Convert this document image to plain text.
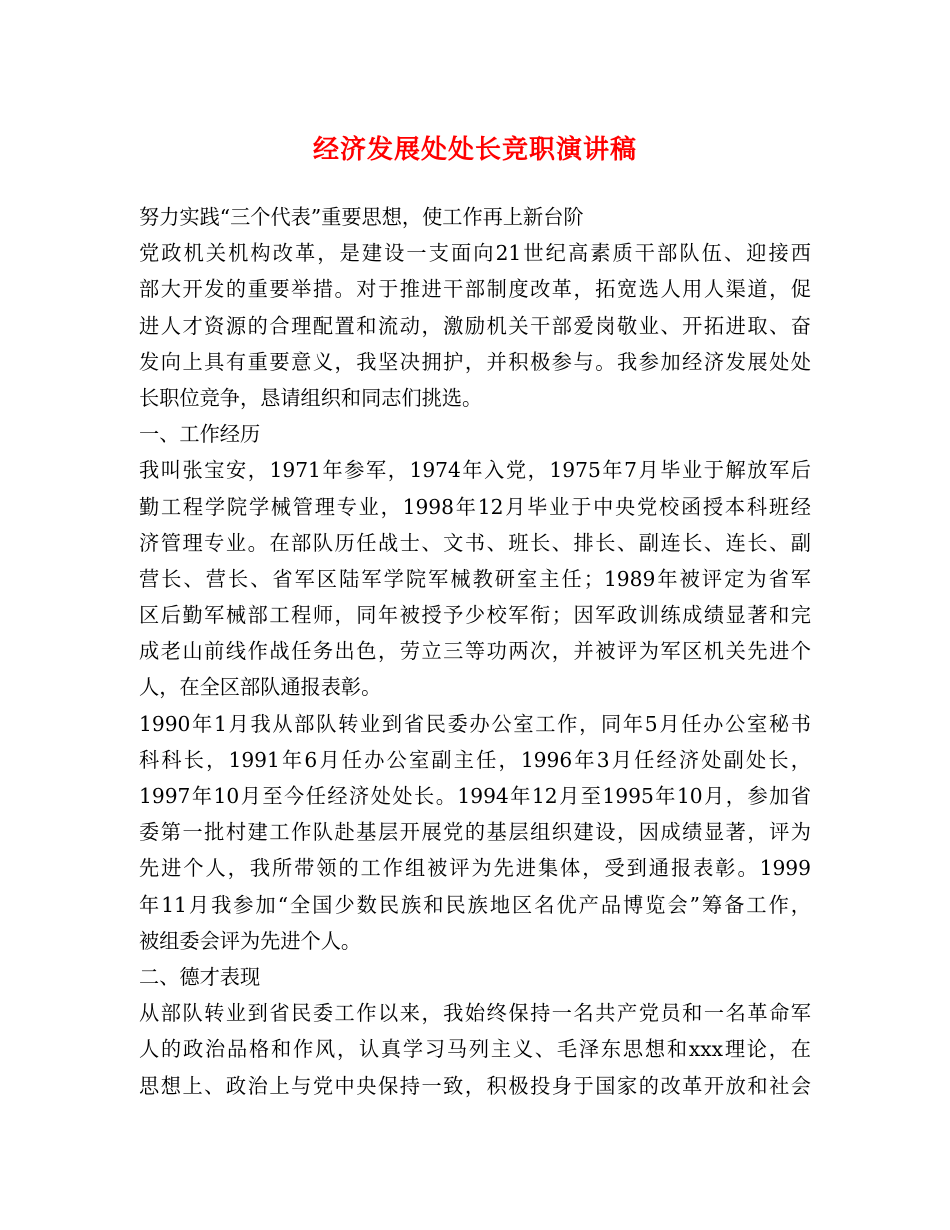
经济发展处处长竞职演讲稿
努力实践“三个代表”重要思想，使工作再上新台阶
党政机关机构改革，是建设一支面向21世纪高素质干部队伍、迎接西
部大开发的重要举措。对于推进干部制度改革，拓宽选人用人渠道，促
进人才资源的合理配置和流动，激励机关干部爱岗敬业、开拓进取、奋
发向上具有重要意义，我坚决拥护，并积极参与。我参加经济发展处处
长职位竞争，恳请组织和同志们挑选。
一、工作经历
我叫张宝安，1971年参军，1974年入党，1975年7月毕业于解放军后
勤工程学院学械管理专业，1998年12月毕业于中央党校函授本科班经
济管理专业。在部队历任战士、文书、班长、排长、副连长、连长、副
营长、营长、省军区陆军学院军械教研室主任；1989年被评定为省军
区后勤军械部工程师，同年被授予少校军衔；因军政训练成绩显著和完
成老山前线作战任务出色，劳立三等功两次，并被评为军区机关先进个
人，在全区部队通报表彰。
1990年1月我从部队转业到省民委办公室工作，同年5月任办公室秘书
科科长，1991年6月任办公室副主任，1996年3月任经济处副处长，
1997年10月至今任经济处处长。1994年12月至1995年10月，参加省
委第一批村建工作队赴基层开展党的基层组织建设，因成绩显著，评为
先进个人，我所带领的工作组被评为先进集体，受到通报表彰。1999
年11月我参加“全国少数民族和民族地区名优产品博览会”筹备工作，
被组委会评为先进个人。
二、德才表现
从部队转业到省民委工作以来，我始终保持一名共产党员和一名革命军
人的政治品格和作风，认真学习马列主义、毛泽东思想和xxx理论，在
思想上、政治上与党中央保持一致，积极投身于国家的改革开放和社会
